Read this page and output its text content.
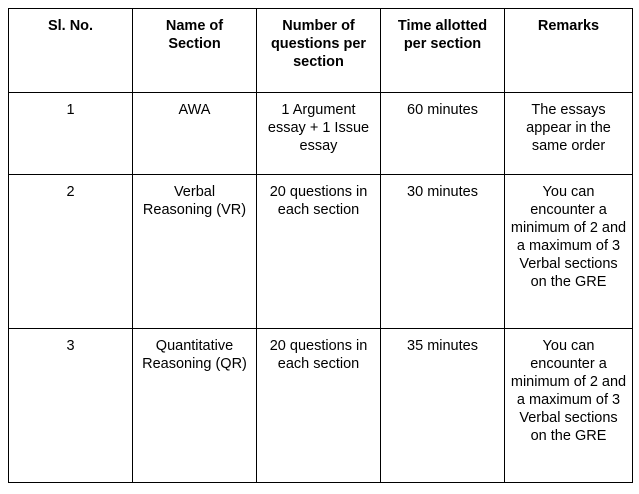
Sl. No.	Name of Section	Number of questions per section	Time allotted per section	Remarks
1	AWA	1 Argument essay + 1 Issue essay	60 minutes	The essays appear in the same order
2	Verbal Reasoning (VR)	20 questions in each section	30 minutes	You can encounter a minimum of 2 and a maximum of 3 Verbal sections on the GRE
3	Quantitative Reasoning (QR)	20 questions in each section	35 minutes	You can encounter a minimum of 2 and a maximum of 3 Verbal sections on the GRE
